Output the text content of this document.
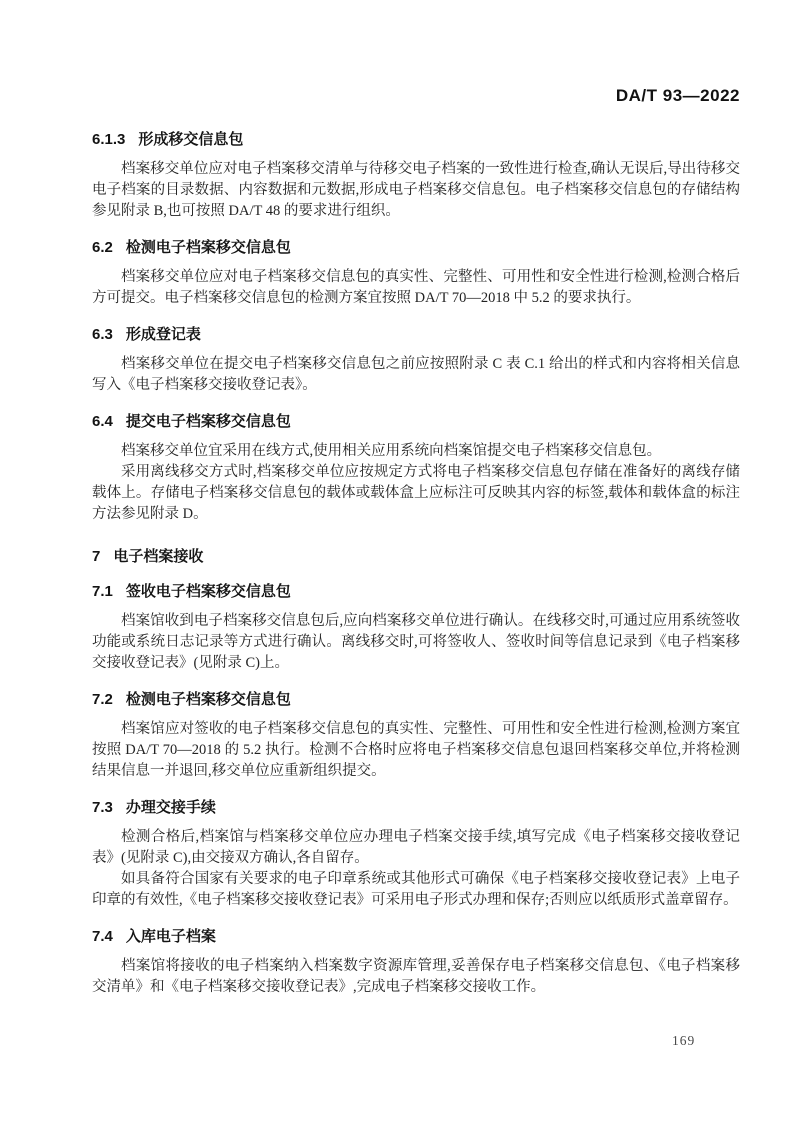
DA/T 93—2022
6.1.3 形成移交信息包

档案移交单位应对电子档案移交清单与待移交电子档案的一致性进行检查,确认无误后,导出待移交电子档案的目录数据、内容数据和元数据,形成电子档案移交信息包。电子档案移交信息包的存储结构参见附录 B,也可按照 DA/T 48 的要求进行组织。

6.2 检测电子档案移交信息包

档案移交单位应对电子档案移交信息包的真实性、完整性、可用性和安全性进行检测,检测合格后方可提交。电子档案移交信息包的检测方案宜按照 DA/T 70—2018 中 5.2 的要求执行。

6.3 形成登记表

档案移交单位在提交电子档案移交信息包之前应按照附录 C 表 C.1 给出的样式和内容将相关信息写入《电子档案移交接收登记表》。

6.4 提交电子档案移交信息包

档案移交单位宜采用在线方式,使用相关应用系统向档案馆提交电子档案移交信息包。

采用离线移交方式时,档案移交单位应按规定方式将电子档案移交信息包存储在准备好的离线存储载体上。存储电子档案移交信息包的载体或载体盒上应标注可反映其内容的标签,载体和载体盒的标注方法参见附录 D。

7 电子档案接收
7.1 签收电子档案移交信息包

档案馆收到电子档案移交信息包后,应向档案移交单位进行确认。在线移交时,可通过应用系统签收功能或系统日志记录等方式进行确认。离线移交时,可将签收人、签收时间等信息记录到《电子档案移交接收登记表》(见附录 C)上。

7.2 检测电子档案移交信息包

档案馆应对签收的电子档案移交信息包的真实性、完整性、可用性和安全性进行检测,检测方案宜按照 DA/T 70—2018 的 5.2 执行。检测不合格时应将电子档案移交信息包退回档案移交单位,并将检测结果信息一并退回,移交单位应重新组织提交。

7.3 办理交接手续

检测合格后,档案馆与档案移交单位应办理电子档案交接手续,填写完成《电子档案移交接收登记表》(见附录 C),由交接双方确认,各自留存。

如具备符合国家有关要求的电子印章系统或其他形式可确保《电子档案移交接收登记表》上电子印章的有效性,《电子档案移交接收登记表》可采用电子形式办理和保存;否则应以纸质形式盖章留存。

7.4 入库电子档案

档案馆将接收的电子档案纳入档案数字资源库管理,妥善保存电子档案移交信息包、《电子档案移交清单》和《电子档案移交接收登记表》,完成电子档案移交接收工作。

169
